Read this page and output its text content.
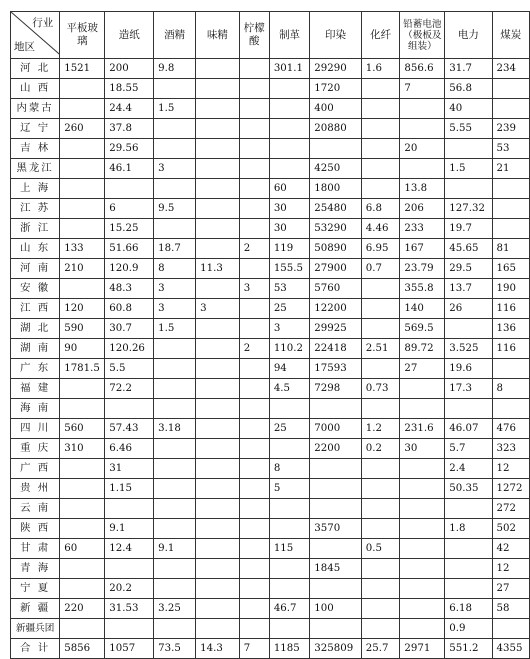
行业
地区	平板玻璃	造纸	酒精	味精	柠檬酸	制革	印染	化纤	铅蓄电池（极板及组装）	电力	煤炭
河 北	1521	200	9.8			301.1	29290	1.6	856.6	31.7	234
山 西		18.55					1720		7	56.8	
内蒙古		24.4	1.5				400			40	
辽 宁	260	37.8					20880			5.55	239
吉 林		29.56							20		53
黑龙江		46.1	3				4250			1.5	21
上 海						60	1800		13.8		
江 苏		6	9.5			30	25480	6.8	206	127.32	
浙 江		15.25				30	53290	4.46	233	19.7	
山 东	133	51.66	18.7		2	119	50890	6.95	167	45.65	81
河 南	210	120.9	8	11.3		155.5	27900	0.7	23.79	29.5	165
安 徽		48.3	3		3	53	5760		355.8	13.7	190
江 西	120	60.8	3	3		25	12200		140	26	116
湖 北	590	30.7	1.5			3	29925		569.5		136
湖 南	90	120.26			2	110.2	22418	2.51	89.72	3.525	116
广 东	1781.5	5.5				94	17593		27	19.6	
福 建		72.2				4.5	7298	0.73		17.3	8
海 南											
四 川	560	57.43	3.18			25	7000	1.2	231.6	46.07	476
重 庆	310	6.46					2200	0.2	30	5.7	323
广 西		31				8				2.4	12
贵 州		1.15				5				50.35	1272
云 南											272
陕 西		9.1					3570			1.8	502
甘 肃	60	12.4	9.1			115		0.5			42
青 海							1845				12
宁 夏		20.2									27
新 疆	220	31.53	3.25			46.7	100			6.18	58
新疆兵团										0.9	
合 计	5856	1057	73.5	14.3	7	1185	325809	25.7	2971	551.2	4355
